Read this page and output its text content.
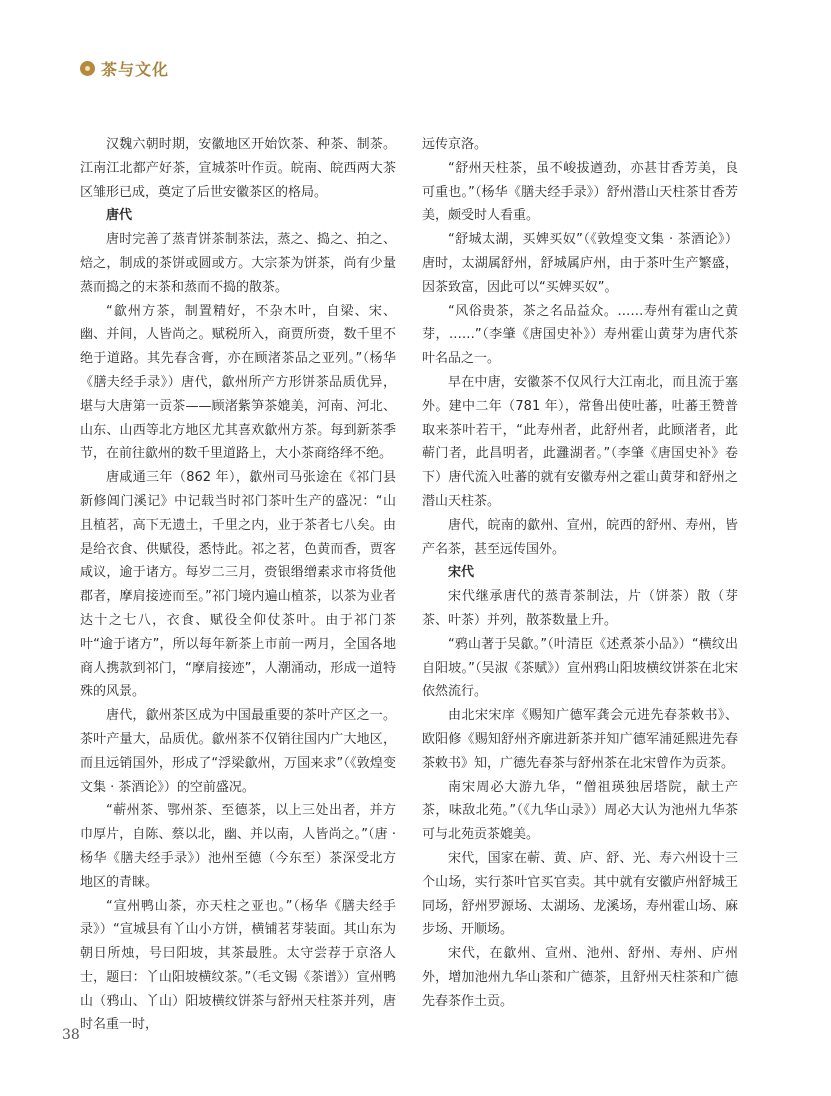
茶与文化

汉魏六朝时期，安徽地区开始饮茶、种茶、制茶。江南江北都产好茶，宣城茶叶作贡。皖南、皖西两大茶区雏形已成，奠定了后世安徽茶区的格局。

唐代

唐时完善了蒸青饼茶制茶法，蒸之、捣之、拍之、焙之，制成的茶饼或圆或方。大宗茶为饼茶，尚有少量蒸而捣之的末茶和蒸而不捣的散茶。

“歙州方茶，制置精好，不杂木叶，自梁、宋、幽、并间，人皆尚之。赋税所入，商贾所赍，数千里不绝于道路。其先春含膏，亦在顾渚茶品之亚列。”（杨华《膳夫经手录》）唐代，歙州所产方形饼茶品质优异，堪与大唐第一贡茶——顾渚紫笋茶媲美，河南、河北、山东、山西等北方地区尤其喜欢歙州方茶。每到新茶季节，在前往歙州的数千里道路上，大小茶商络绎不绝。

唐咸通三年（862 年），歙州司马张途在《祁门县新修阊门溪记》中记载当时祁门茶叶生产的盛况：“山且植茗，高下无遗土，千里之内，业于茶者七八矣。由是给衣食、供赋役，悉恃此。祁之茗，色黄而香，贾客咸议，逾于诸方。每岁二三月，赍银缗缯素求市将货他郡者，摩肩接迹而至。”祁门境内遍山植茶，以茶为业者达十之七八，衣食、赋役全仰仗茶叶。由于祁门茶叶“逾于诸方”，所以每年新茶上市前一两月，全国各地商人携款到祁门，“摩肩接迹”，人潮涌动，形成一道特殊的风景。

唐代，歙州茶区成为中国最重要的茶叶产区之一。茶叶产量大，品质优。歙州茶不仅销往国内广大地区，而且远销国外，形成了“浮梁歙州，万国来求”（《敦煌变文集 · 茶酒论》）的空前盛况。

“蕲州茶、鄂州茶、至德茶，以上三处出者，并方巾厚片，自陈、蔡以北，幽、并以南，人皆尚之。”（唐 · 杨华《膳夫经手录》）池州至德（今东至）茶深受北方地区的青睐。

“宣州鸭山茶，亦天柱之亚也。”（杨华《膳夫经手录》）“宣城县有丫山小方饼，横铺茗芽装面。其山东为朝日所烛，号曰阳坡，其茶最胜。太守尝荐于京洛人士，题曰：丫山阳坡横纹茶。”（毛文锡《茶谱》）宣州鸭山（鸦山、丫山）阳坡横纹饼茶与舒州天柱茶并列，唐时名重一时，

远传京洛。

“舒州天柱茶，虽不峻拔遒劲，亦甚甘香芳美，良可重也。”（杨华《膳夫经手录》）舒州潜山天柱茶甘香芳美，颇受时人看重。

“舒城太湖，买婢买奴”（《敦煌变文集 · 茶酒论》）唐时，太湖属舒州，舒城属庐州，由于茶叶生产繁盛，因茶致富，因此可以“买婢买奴”。

“风俗贵茶，茶之名品益众。……寿州有霍山之黄芽，……”（李肇《唐国史补》）寿州霍山黄芽为唐代茶叶名品之一。

早在中唐，安徽茶不仅风行大江南北，而且流于塞外。建中二年（781 年），常鲁出使吐蕃，吐蕃王赞普取来茶叶若干，“此寿州者，此舒州者，此顾渚者，此蕲门者，此昌明者，此灉湖者。”（李肇《唐国史补》卷下）唐代流入吐蕃的就有安徽寿州之霍山黄芽和舒州之潜山天柱茶。

唐代，皖南的歙州、宣州，皖西的舒州、寿州，皆产名茶，甚至远传国外。

宋代

宋代继承唐代的蒸青茶制法，片（饼茶）散（芽茶、叶茶）并列，散茶数量上升。

“鸦山著于吴歙。”（叶清臣《述煮茶小品》）“横纹出自阳坡。”（吴淑《茶赋》）宣州鸦山阳坡横纹饼茶在北宋依然流行。

由北宋宋庠《赐知广德军龚会元进先春茶敕书》、欧阳修《赐知舒州齐廓进新茶并知广德军浦延熙进先春茶敕书》知，广德先春茶与舒州茶在北宋曾作为贡茶。

南宋周必大游九华，“僧祖瑛独居塔院，献土产茶，味敌北苑。”（《九华山录》）周必大认为池州九华茶可与北苑贡茶媲美。

宋代，国家在蕲、黄、庐、舒、光、寿六州设十三个山场，实行茶叶官买官卖。其中就有安徽庐州舒城王同场，舒州罗源场、太湖场、龙溪场，寿州霍山场、麻步场、开顺场。

宋代，在歙州、宣州、池州、舒州、寿州、庐州外，增加池州九华山茶和广德茶，且舒州天柱茶和广德先春茶作土贡。

38
